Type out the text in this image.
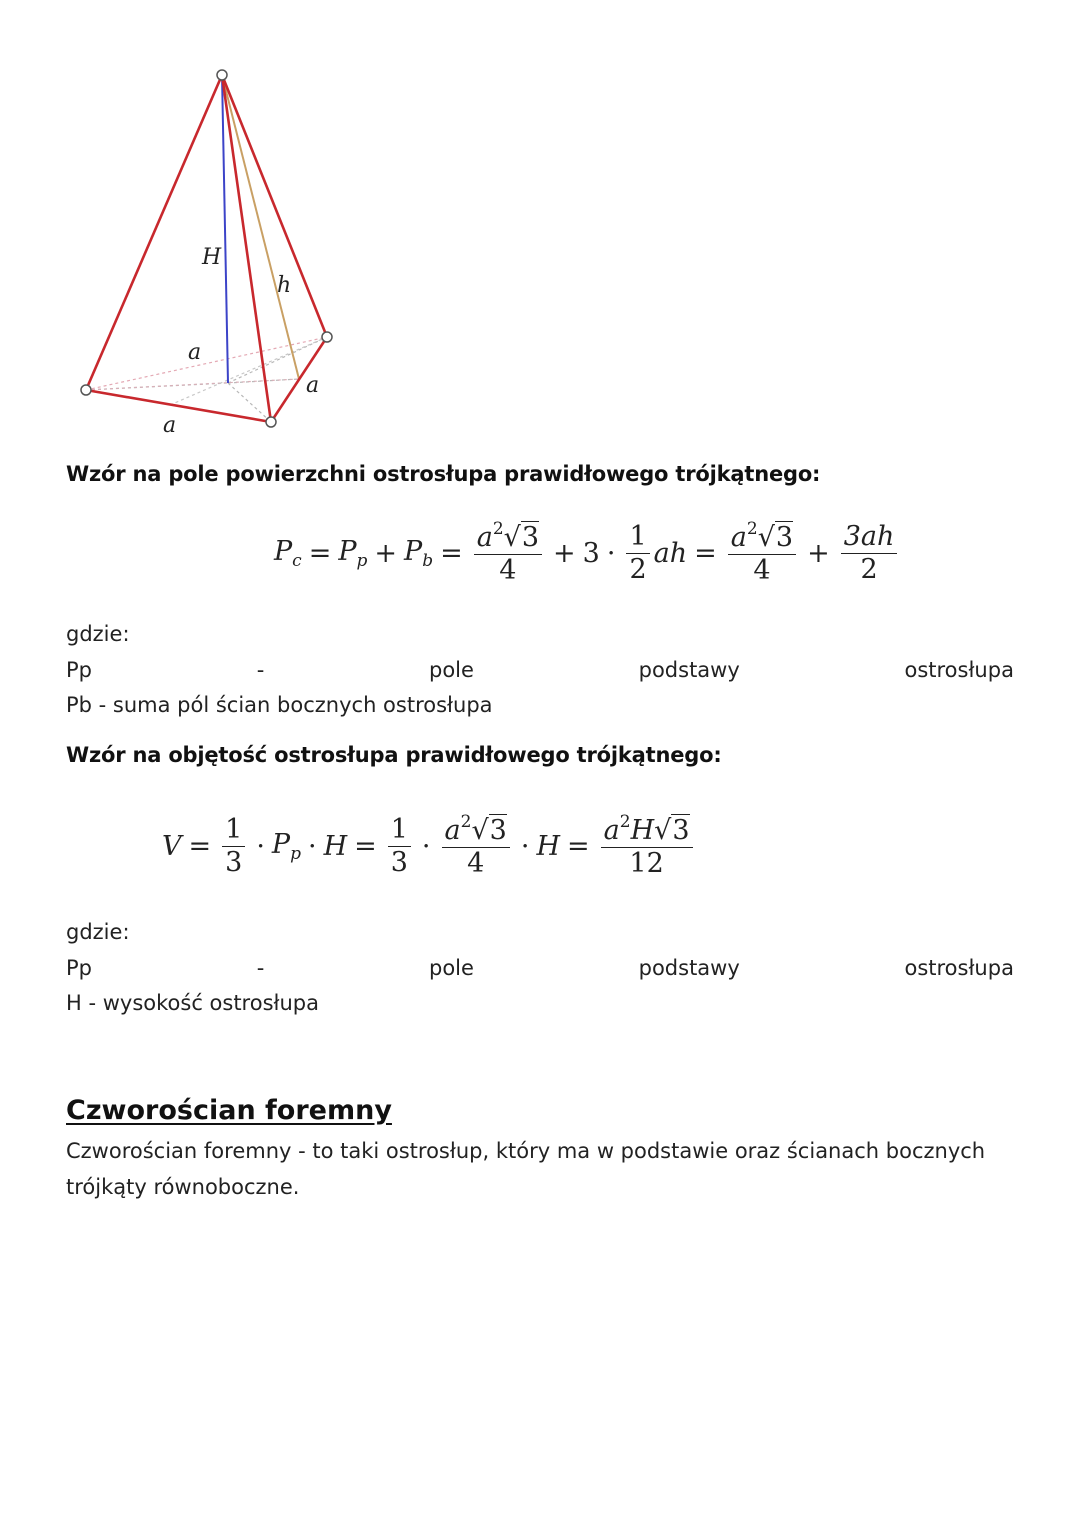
H
h
a
a
a
Wzór na pole powierzchni ostrosłupa prawidłowego trójkątnego:
$P_c = P_p + P_b = \frac{a^2√3}{4} + 3 \cdot \frac{1}{2}$ ah = $\frac{a^2√3}{4} + \frac{3ah}{2}$
gdzie:
Pp	-	pole	podstawy	ostrosłupa
Pb - suma pól ścian bocznych ostrosłupa
Wzór na objętość ostrosłupa prawidłowego trójkątnego:
$V = \frac{1}{3} \cdot P_p \cdot H = \frac{1}{3} \cdot \frac{a^2√3}{4} \cdot H = \frac{a^2H√3}{12}$
gdzie:
Pp	-	pole	podstawy	ostrosłupa
H - wysokość ostrosłupa
Czworościan foremny
Czworościan foremny - to taki ostrosłup, który ma w podstawie oraz ścianach bocznych
trójkąty równoboczne.
